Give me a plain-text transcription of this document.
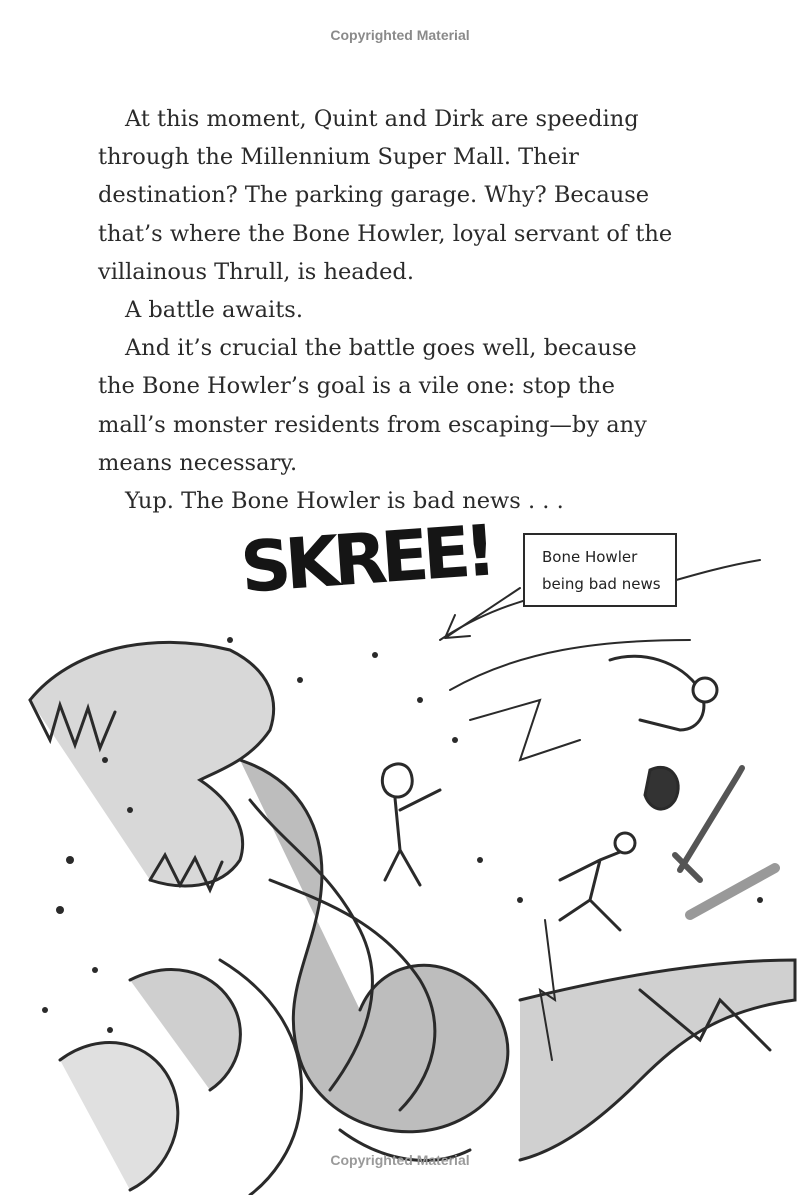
Copyrighted Material

At this moment, Quint and Dirk are speeding

through the Millennium Super Mall. Their

destination? The parking garage. Why? Because

that’s where the Bone Howler, loyal servant of the

villainous Thrull, is headed.

A battle awaits.

And it’s crucial the battle goes well, because

the Bone Howler’s goal is a vile one: stop the

mall’s monster residents from escaping—by any

means necessary.

Yup. The Bone Howler is bad news . . .

SKREE!	Bone Howler
being bad news
Copyrighted Material
